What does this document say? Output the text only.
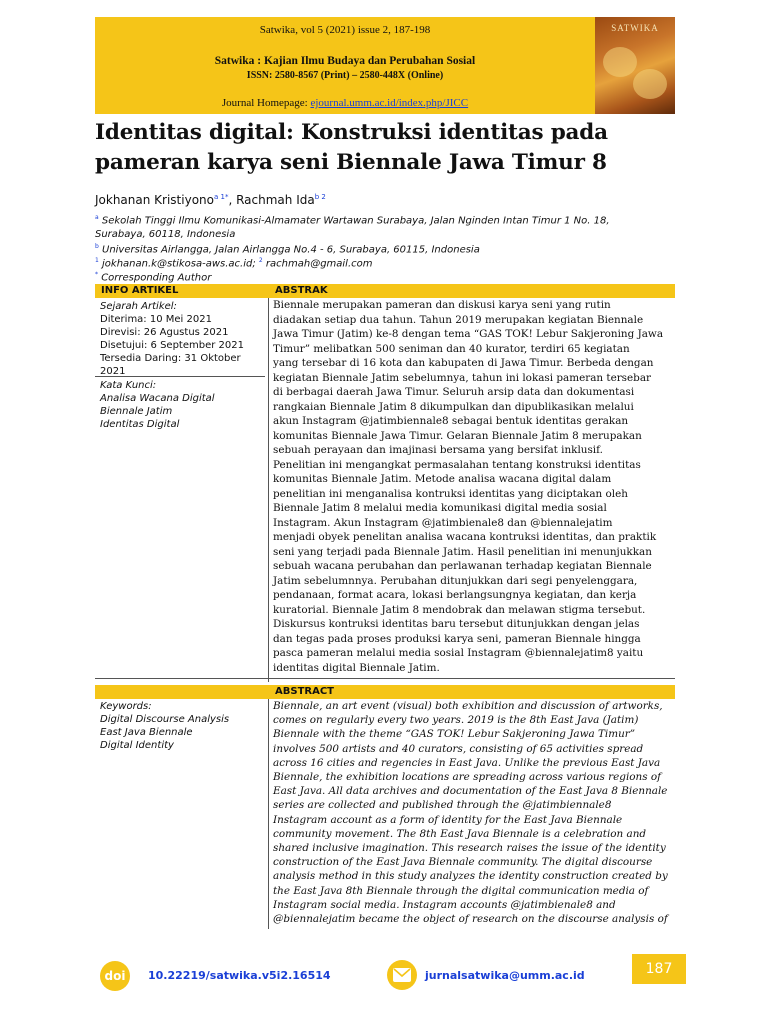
Satwika, vol 5 (2021) issue 2, 187-198
Satwika : Kajian Ilmu Budaya dan Perubahan Sosial
ISSN: 2580-8567 (Print) – 2580-448X (Online)
Journal Homepage: ejournal.umm.ac.id/index.php/JICC
SATWIKA
Identitas digital: Konstruksi identitas pada
pameran karya seni Biennale Jawa Timur 8
Jokhanan Kristiyono$^{a 1*}$, Rachmah Ida$^{b 2}$
$^a$ Sekolah Tinggi Ilmu Komunikasi-Almamater Wartawan Surabaya, Jalan Nginden Intan Timur 1 No. 18,
Surabaya, 60118, Indonesia
$^b$ Universitas Airlangga, Jalan Airlangga No.4 - 6, Surabaya, 60115, Indonesia
$^1$ jokhanan.k@stikosa-aws.ac.id; $^2$ rachmah@gmail.com
* Corresponding Author
INFO ARTIKEL	ABSTRAK
Sejarah Artikel:
Diterima: 10 Mei 2021
Direvisi: 26 Agustus 2021
Disetujui: 6 September 2021
Tersedia Daring: 31 Oktober
2021
Kata Kunci:
Analisa Wacana Digital
Biennale Jatim
Identitas Digital
Biennale merupakan pameran dan diskusi karya seni yang rutin
diadakan setiap dua tahun. Tahun 2019 merupakan kegiatan Biennale
Jawa Timur (Jatim) ke-8 dengan tema “GAS TOK! Lebur Sakjeroning Jawa
Timur” melibatkan 500 seniman dan 40 kurator, terdiri 65 kegiatan
yang tersebar di 16 kota dan kabupaten di Jawa Timur. Berbeda dengan
kegiatan Biennale Jatim sebelumnya, tahun ini lokasi pameran tersebar
di berbagai daerah Jawa Timur. Seluruh arsip data dan dokumentasi
rangkaian Biennale Jatim 8 dikumpulkan dan dipublikasikan melalui
akun Instagram @jatimbiennale8 sebagai bentuk identitas gerakan
komunitas Biennale Jawa Timur. Gelaran Biennale Jatim 8 merupakan
sebuah perayaan dan imajinasi bersama yang bersifat inklusif.
Penelitian ini mengangkat permasalahan tentang konstruksi identitas
komunitas Biennale Jatim. Metode analisa wacana digital dalam
penelitian ini menganalisa kontruksi identitas yang diciptakan oleh
Biennale Jatim 8 melalui media komunikasi digital media sosial
Instagram. Akun Instagram @jatimbienale8 dan @biennalejatim
menjadi obyek penelitan analisa wacana kontruksi identitas, dan praktik
seni yang terjadi pada Biennale Jatim. Hasil penelitian ini menunjukkan
sebuah wacana perubahan dan perlawanan terhadap kegiatan Biennale
Jatim sebelumnnya. Perubahan ditunjukkan dari segi penyelenggara,
pendanaan, format acara, lokasi berlangsungnya kegiatan, dan kerja
kuratorial. Biennale Jatim 8 mendobrak dan melawan stigma tersebut.
Diskursus kontruksi identitas baru tersebut ditunjukkan dengan jelas
dan tegas pada proses produksi karya seni, pameran Biennale hingga
pasca pameran melalui media sosial Instagram @biennalejatim8 yaitu
identitas digital Biennale Jatim.
ABSTRACT
Keywords:
Digital Discourse Analysis
East Java Biennale
Digital Identity
Biennale, an art event (visual) both exhibition and discussion of artworks,
comes on regularly every two years. 2019 is the 8th East Java (Jatim)
Biennale with the theme “GAS TOK! Lebur Sakjeroning Jawa Timur”
involves 500 artists and 40 curators, consisting of 65 activities spread
across 16 cities and regencies in East Java. Unlike the previous East Java
Biennale, the exhibition locations are spreading across various regions of
East Java. All data archives and documentation of the East Java 8 Biennale
series are collected and published through the @jatimbiennale8
Instagram account as a form of identity for the East Java Biennale
community movement. The 8th East Java Biennale is a celebration and
shared inclusive imagination. This research raises the issue of the identity
construction of the East Java Biennale community. The digital discourse
analysis method in this study analyzes the identity construction created by
the East Java 8th Biennale through the digital communication media of
Instagram social media. Instagram accounts @jatimbienale8 and
@biennalejatim became the object of research on the discourse analysis of
doi	10.22219/satwika.v5i2.16514	jurnalsatwika@umm.ac.id	187
